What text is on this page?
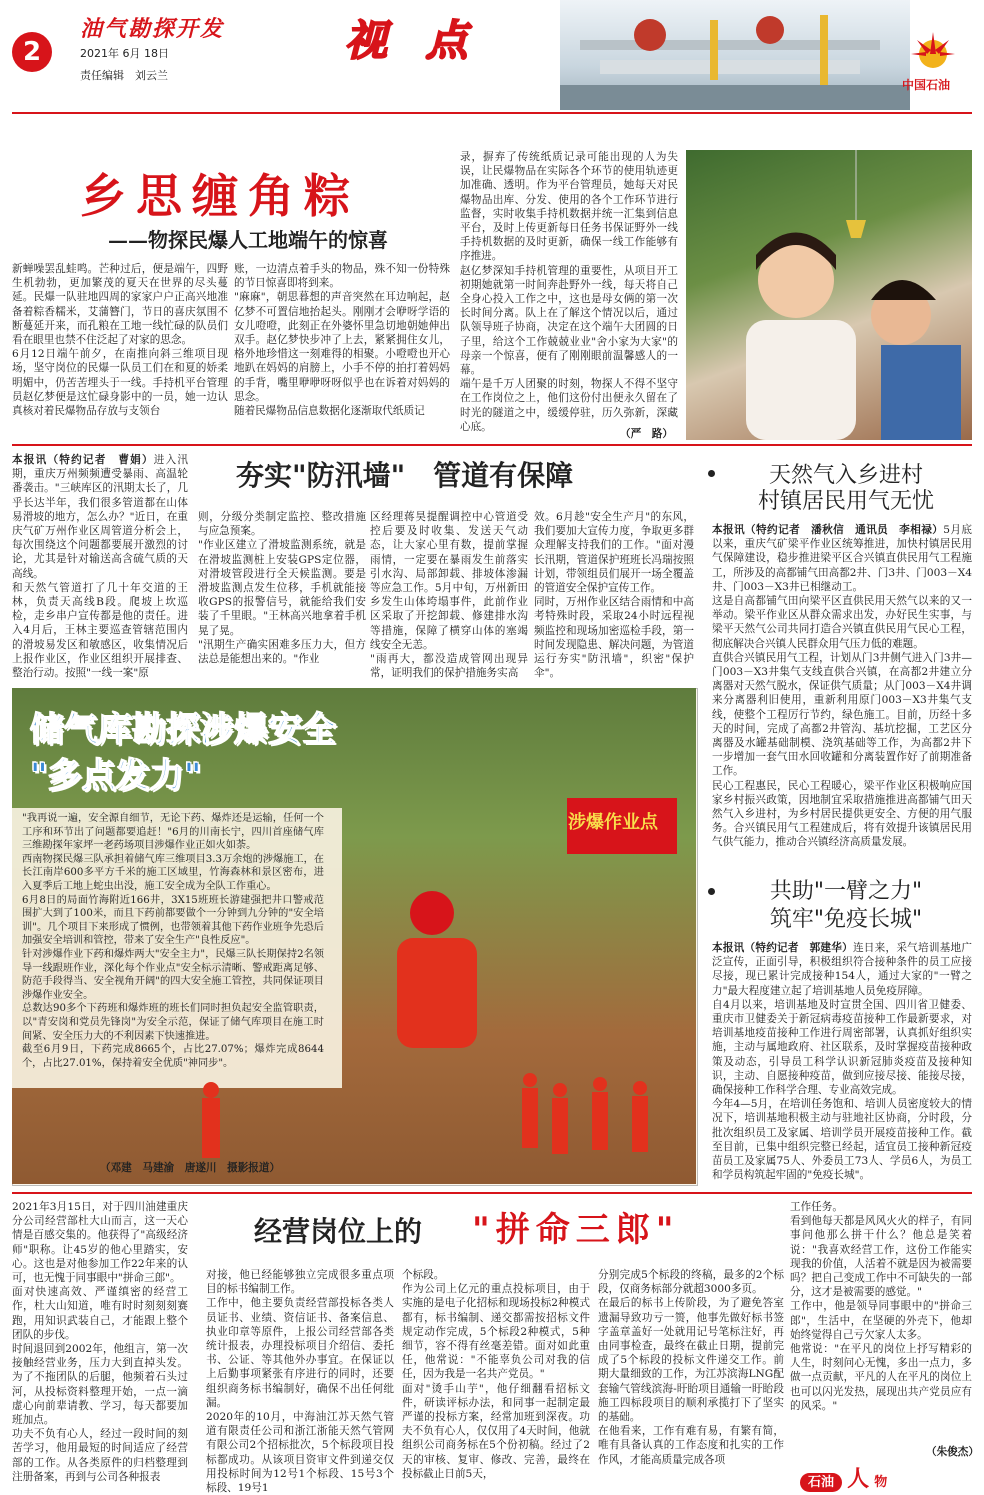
2
油气勘探开发
2021年 6月 18日
责任编辑　刘云兰
视 点
中国石油
乡思缠角粽
——物探民爆人工地端午的惊喜
新蝉噪罢乱蛙鸣。芒种过后，便是端午，四野生机勃勃，更加繁茂的夏天在世界的尽头蔓延。民爆一队驻地四周的家家户户正高兴地准备着粽香糯米，艾蒲簪门，节日的喜庆氛围不断蔓延开来，而孔粮在工地一线忙碌的队员们看在眼里也禁不住泛起了对家的思念。
6月12日端午前夕，在南推向斜三维项目现场，坚守岗位的民爆一队员工们在和夏的娇柔明媚中，仍苦苦埋头于一线。手持机平台管理员赵亿梦便是这忙碌身影中的一员，她一边认真核对着民爆物品存放与支领台
账，一边清点着手头的物品，殊不知一份特殊的节日惊喜即将到来。
"麻麻"，朝思暮想的声音突然在耳边响起，赵亿梦不可置信地抬起头。刚刚才会咿呀学语的女儿噔噔，此刻正在外婆怀里急切地朝她伸出双手。赵亿梦快步冲了上去，紧紧拥住女儿，格外地珍惜这一刻难得的相聚。小噔噔也开心地趴在妈妈的肩膀上，小手不停的拍打着妈妈的手背，嘴里咿咿呀呀似乎也在诉着对妈妈的思念。
随着民爆物品信息数据化逐渐取代纸质记
录，摒弃了传统纸质记录可能出现的人为失误，让民爆物品在实际各个环节的使用轨迹更加准确、透明。作为平台管理员，她每天对民爆物品出库、分发、使用的各个工作环节进行监督，实时收集手持机数据并统一汇集到信息平台，及时上传更新每日任务书保证野外一线手持机数据的及时更新，确保一线工作能够有序推进。
赵亿梦深知手持机管理的重要性，从项目开工初期她就第一时间奔赴野外一线，每天将自己全身心投入工作之中，这也是母女俩的第一次长时间分离。队上在了解这个情况以后，通过队领导班子协商，决定在这个端午大团圆的日子里，给这个工作兢兢业业"舍小家为大家"的母亲一个惊喜，便有了刚刚眼前温馨感人的一幕。
端午是千万人团聚的时刻，物探人不得不坚守在工作岗位之上，他们这份付出便永久留在了时光的隧道之中，缓缓停驻，历久弥新，深藏心底。
（严　路）
夯实"防汛墙"　管道有保障
本报讯（特约记者　曹娟）进入汛期，重庆万州频频遭受暴雨、高温轮番袭击。"三峡库区的汛期太长了，几乎长达半年，我们很多管道都在山体易滑坡的地方，怎么办？"近日，在重庆气矿万州作业区周管道分析会上，每次围绕这个问题都要展开激烈的讨论，尤其是针对输送高含硫气质的天高线。
和天然气管道打了几十年交道的王林，负责天高线B段。爬坡上坎巡检，走乡串户宣传都是他的责任。进入4月后，王林主要巡查管辖范围内的滑坡易发区和敏感区，收集情况后上报作业区，作业区组织开展排查、整治行动。按照"一线一案"原
则，分级分类制定监控、整改措施与应急预案。
"作业区建立了滑坡监测系统，就是在滑坡监测桩上安装GPS定位器，对滑坡管段进行全天候监测。要是滑坡监测点发生位移，手机就能接收GPS的报警信号，就能给我们安装了千里眼。"王林高兴地拿着手机晃了晃。
"汛期生产确实困难多压力大，但方法总是能想出来的。"作业
区经理蒋昊提醒调控中心管道受控后要及时收集、发送天气动态，让大家心里有数，提前掌握雨情，一定要在暴雨发生前落实引水沟、局部卸载、排坡体渗漏等应急工作。5月中旬，万州新田乡发生山体垮塌事件，此前作业区采取了开挖卸载、修建排水沟等措施，保障了横穿山体的塞竭线安全无恙。
"雨再大，都没造成管网出现异常，证明我们的保护措施务实高
效。6月趁"安全生产月"的东风，我们要加大宣传力度，争取更多群众理解支持我们的工作。"面对漫长汛期，管道保护班班长冯瑞按照计划，带领组员们展开一场全覆盖的管道安全保护宣传工作。
同时，万州作业区结合雨情和中高考特殊时段，采取24小时远程视频监控和现场加密巡检手段，第一时间发现隐患、解决问题，为管道运行夯实"防汛墙"，织密"保护伞"。
涉爆作业点
储气库勘探涉爆安全
"多点发力"
"我再说一遍，安全源自细节，无论下药、爆炸还是运输，任何一个工序和环节出了问题都要追赶！"6月的川南长宁，四川首座储气库三维勘探年家坪一老药场项目涉爆作业正如火如荼。
西南物探民爆三队承担着储气库三维项目3.3万余炮的涉爆施工，在长江南岸600多平方千米的施工区域里，竹海森林和景区密布，进入夏季后工地上蛇虫出没，施工安全成为全队工作重心。
6月8日的局面竹海附近166井，3X15班班长游建强把井口警戒范围扩大到了100米，而且下药前都要做个一分钟到九分钟的"安全培训"。几个项目下来形成了惯例，也带领着其他下药作业班争先恐后加强安全培训和管控，带来了安全生产"良性反应"。
针对涉爆作业下药和爆炸两大"安全主力"，民爆三队长期保持2名领导一线跟班作业，深化每个作业点"安全标示清晰、警戒距离足够、防范手段得当、安全视角开阔"的四大安全施工管控，共同保证项目涉爆作业安全。
总数达90多个下药班和爆炸班的班长们同时担负起安全监管职责，以"青安岗和党员先锋岗"为安全示范，保证了储气库项目在施工时间紧、安全压力大的不利因素下快速推进。
截至6月9日，下药完成8665个，占比27.07%；爆炸完成8644个，占比27.01%，保持着安全优质"神同步"。
（邓建　马建渝　唐遂川　摄影报道）
天然气入乡进村
村镇居民用气无忧
本报讯（特约记者　潘秋信　通讯员　李相禄）5月底以来，重庆气矿梁平作业区统筹推进，加快村镇居民用气保障建设，稳步推进梁平区合兴镇直供民用气工程施工，所涉及的高都铺气田高都2井、门3井、门003－X4井、门003－X3井已相继动工。
这是自高都铺气田向梁平区直供民用天然气以来的又一举动。梁平作业区从群众需求出发，办好民生实事，与梁平天然气公司共同打造合兴镇直供民用气民心工程，彻底解决合兴镇人民群众用气压力低的难题。
直供合兴镇民用气工程，计划从门3井侧气进入门3井—门003－X3井集气支线直供合兴镇，在高都2井建立分离器对天然气脱水，保证供气质量；从门003－X4井调来分离器利旧使用，重新利用原门003－X3井集气支线，使整个工程厉行节约，绿色施工。目前，历经十多天的时间，完成了高都2井管沟、基坑挖掘，工艺区分离器及水罐基础制模、浇筑基础等工作，为高都2井下一步增加一套气田水回收罐和分离装置作好了前期准备工作。
民心工程惠民，民心工程暖心，梁平作业区积极响应国家乡村振兴政策，因地制宜采取措施推进高都铺气田天然气入乡进村，为乡村居民提供更安全、方便的用气服务。合兴镇民用气工程建成后，将有效提升该镇居民用气供气能力，推动合兴镇经济高质量发展。
共助"一臂之力"
筑牢"免疫长城"
本报讯（特约记者　郭建华）连日来，采气培训基地广泛宣传，正面引导，积极组织符合接种条件的员工应接尽接，现已累计完成接种154人，通过大家的"一臂之力"最大程度建立起了培训基地人员免疫屏障。
自4月以来，培训基地及时宣贯全国、四川省卫健委、重庆市卫健委关于新冠病毒疫苗接种工作最新要求，对培训基地疫苗接种工作进行周密部署，认真抓好组织实施，主动与属地政府、社区联系，及时掌握疫苗接种政策及动态，引导员工科学认识新冠肺炎疫苗及接种知识，主动、自愿接种疫苗，做到应接尽接、能接尽接，确保接种工作科学合理、专业高效完成。
今年4—5月，在培训任务饱和、培训人员密度较大的情况下，培训基地积极主动与驻地社区协商，分时段，分批次组织员工及家属、培训学员开展疫苗接种工作。截至目前，已集中组织完整已经起，适宜员工接种新冠疫苗员工及家属75人、外委员工73人、学员6人，为员工和学员构筑起牢固的"免疫长城"。
经营岗位上的 "拼命三郎"
2021年3月15日，对于四川油建重庆分公司经营部杜大山而言，这一天心情是百感交集的。他获得了"高级经济师"职称。让45岁的他心里踏实，安心。这也是对他参加工作22年来的认可，也无愧于同事眼中"拼命三郎"。
面对快速高效、严谨缜密的经营工作，杜大山知道，唯有时时刻刻刻赛跑，用知识武装自己，才能跟上整个团队的步伐。
时间退回到2002年，他组言，第一次接触经营业务，压力大到直掉头发。为了不拖团队的后腿，他频着石头过河，从投标资料整理开始，一点一滴虚心向前辈请教、学习，每天都要加班加点。
功夫不负有心人，经过一段时间的刻苦学习，他用最短的时间适应了经营部的工作。从各类原件的归档整理到注册备案，再到与公司各种报表
对接，他已经能够独立完成很多重点项目的标书编制工作。
工作中，他主要负责经营部投标各类人员证书、业绩、资信证书、备案信息、执业印章等原件，上报公司经营部各类统计报表，办理投标项目介绍信、委托书、公证、等其他外办事宜。在保证以上后勤事项紧张有序进行的同时，还要组织商务标书编制好，确保不出任何纰漏。
2020年的10月，中海油江苏天然气管道有限责任公司和浙江浙能天然气管网有限公司2个招标批次，5个标段项目投标都成功。从该项目资审文件到递交仅用投标时间为12号1个标段、15号3个标段、19号1
个标段。
作为公司上亿元的重点投标项目，由于实施的是电子化招标和现场投标2种模式都有，标书编制、递交都需按招标文件规定动作完成，5个标段2种模式，5种细节，容不得有丝毫差错。面对如此重任，他常说："不能辜负公司对我的信任，因为我是一名共产党员。"
面对"烫手山芋"，他仔细翻看招标文件，研读评标办法，和同事一起制定最严谨的投标方案，经常加班到深夜。功夫不负有心人，仅仅用了4天时间，他就组织公司商务标在5个份初稿。经过了2天的审核、复审、修改、完善，最终在投标截止日前5天，
分别完成5个标段的终稿，最多的2个标段，仅商务标部分就超3000多页。
在最后的标书上传阶段，为了避免答室遗漏导致功亏一篑，他事先做好标书签字盖章盖好一处就用记号笔标注好，再由同事检查，最终在截止日期，提前完成了5个标段的投标文件递交工作。前期大量细致的工作，为江苏滨海LNG配套输气管线滨海-盱眙项目通输一盱眙段施工四标段项目的顺利承揽打下了坚实的基础。
在他看来，工作有难有易，有繁有简，唯有具备认真的工作态度和扎实的工作作风，才能高质量完成各项
工作任务。
看到他每天都是风风火火的样子，有同事问他那么拼干什么？他总是笑着说："我喜欢经营工作，这份工作能实现我的价值，人活着不就是因为被需要吗？把自己变成工作中不可缺失的一部分，这才是被需要的感觉。"
工作中，他是领导同事眼中的"拼命三郎"，生活中，在坚硬的外壳下，他却始终觉得自己亏欠家人太多。
他常说："在平凡的岗位上抒写精彩的人生，时刻问心无愧，多出一点力，多做一点贡献，平凡的人在平凡的岗位上也可以闪光发热，展现出共产党员应有的风采。"
（朱俊杰）
石油 人 物
